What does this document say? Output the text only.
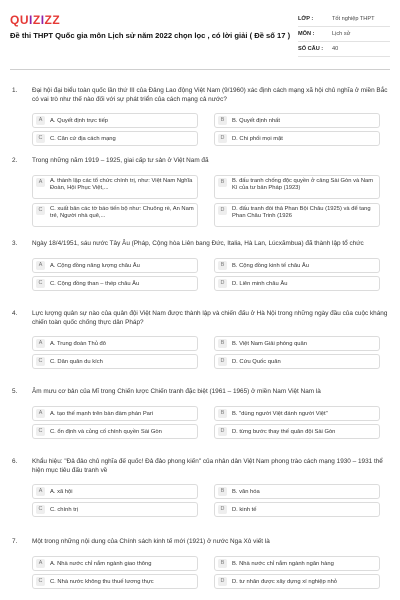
QUIZIZZ
Đề thi THPT Quốc gia môn Lịch sử năm 2022 chọn lọc , có lời giải ( Đề số 17 )
LỚP :	Tốt nghiệp THPT
MÔN :	Lịch sử
SỐ CÂU :	40
1. Đại hội đại biểu toàn quốc lần thứ III của Đảng Lao động Việt Nam (9/1960) xác định cách mạng xã hội chủ nghĩa ở miền Bắc có vai trò như thế nào đối với sự phát triển của cách mạng cả nước?
A	A. Quyết định trực tiếp	B	B. Quyết định nhất
C	C. Căn cứ địa cách mạng	D	D. Chi phối mọi mặt
2. Trong những năm 1919 – 1925, giai cấp tư sản ở Việt Nam đã
A	A. thành lập các tổ chức chính trị, như: Việt Nam Nghĩa Đoàn, Hội Phục Việt,...
B	B. đấu tranh chống độc quyền ở cảng Sài Gòn và Nam Kì của tư bản Pháp (1923)
C	C. xuất bản các tờ báo tiến bộ như: Chuông rè, An Nam trẻ, Người nhà quê,...
D	D. đấu tranh đòi thả Phan Bội Châu (1925) và để tang Phan Châu Trinh (1926
3. Ngày 18/4/1951, sáu nước Tây Âu (Pháp, Cộng hòa Liên bang Đức, Italia, Hà Lan, Lúcxămbua) đã thành lập tổ chức
A	A. Cộng đồng năng lượng châu Âu	B	B. Cộng đồng kinh tế châu Âu
C	C. Cộng đồng than – thép châu Âu	D	D. Liên minh châu Âu
4. Lực lượng quân sự nào của quân đội Việt Nam được thành lập và chiến đấu ở Hà Nội trong những ngày đầu của cuộc kháng chiến toàn quốc chống thực dân Pháp?
A	A. Trung đoàn Thủ đô	B	B. Việt Nam Giải phóng quân
C	C. Dân quân du kích	D	D. Cứu Quốc quân
5. Âm mưu cơ bản của Mĩ trong Chiến lược Chiến tranh đặc biệt (1961 – 1965) ở miền Nam Việt Nam là
A	A. tạo thế mạnh trên bàn đàm phán Pari	B	B. "dùng người Việt đánh người Việt"
C	C. ổn định và củng cố chính quyền Sài Gòn	D	D. từng bước thay thế quân đội Sài Gòn
6. Khẩu hiệu: "Đả đảo chủ nghĩa đế quốc! Đả đảo phong kiến" của nhân dân Việt Nam phong trào cách mạng 1930 – 1931 thể hiện mục tiêu đấu tranh về
A	A. xã hội	B	B. văn hóa
C	C. chính trị	D	D. kinh tế
7. Một trong những nội dung của Chính sách kinh tế mới (1921) ở nước Nga Xô viết là
A	A. Nhà nước chỉ nắm ngành giao thông	B	B. Nhà nước chỉ nắm ngành ngân hàng
C	C. Nhà nước không thu thuế lương thực	D	D. tư nhân được xây dựng xí nghiệp nhỏ
